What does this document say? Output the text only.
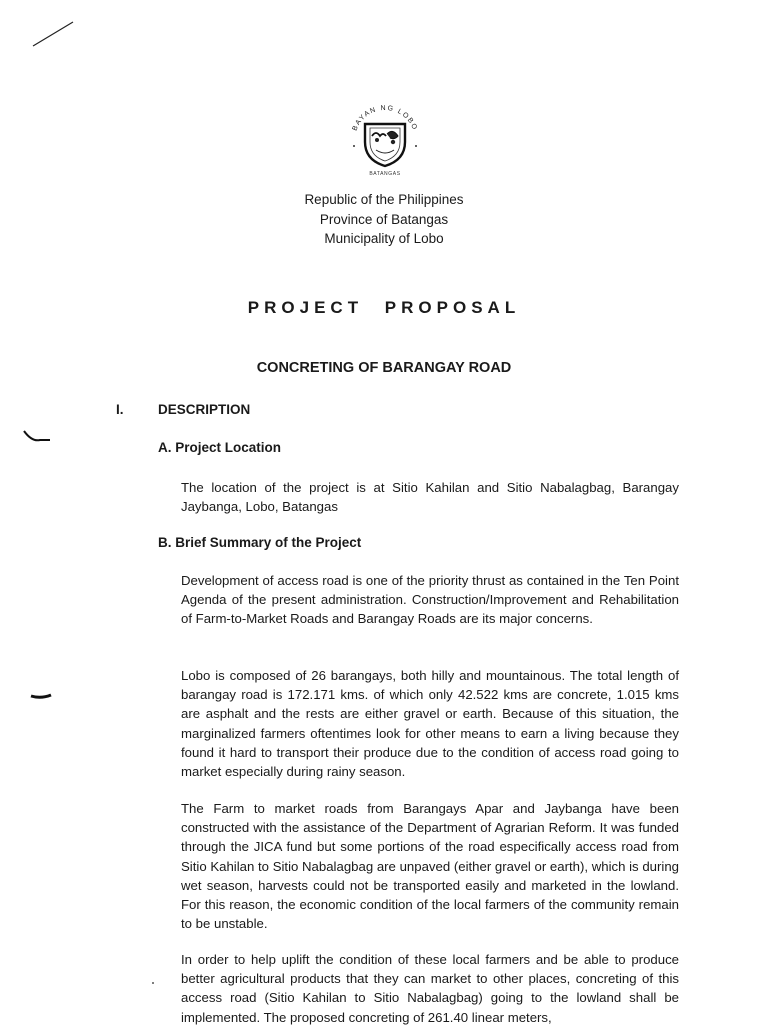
BAYAN NG LOBO
BATANGAS
Republic of the Philippines
Province of Batangas
Municipality of Lobo
PROJECT PROPOSAL
CONCRETING OF BARANGAY ROAD
I.	DESCRIPTION
A. Project Location

The location of the project is at Sitio Kahilan and Sitio Nabalagbag, Barangay Jaybanga, Lobo, Batangas

B. Brief Summary of the Project

Development of access road is one of the priority thrust as contained in the Ten Point Agenda of the present administration. Construction/Improvement and Rehabilitation of Farm-to-Market Roads and Barangay Roads are its major concerns.

Lobo is composed of 26 barangays, both hilly and mountainous. The total length of barangay road is 172.171 kms. of which only 42.522 kms are concrete, 1.015 kms are asphalt and the rests are either gravel or earth. Because of this situation, the marginalized farmers oftentimes look for other means to earn a living because they found it hard to transport their produce due to the condition of access road going to market especially during rainy season.

The Farm to market roads from Barangays Apar and Jaybanga have been constructed with the assistance of the Department of Agrarian Reform. It was funded through the JICA fund but some portions of the road especifically access road from Sitio Kahilan to Sitio Nabalagbag are unpaved (either gravel or earth), which is during wet season, harvests could not be transported easily and marketed in the lowland. For this reason, the economic condition of the local farmers of the community remain to be unstable.

In order to help uplift the condition of these local farmers and be able to produce better agricultural products that they can market to other places, concreting of this access road (Sitio Kahilan to Sitio Nabalagbag) going to the lowland shall be implemented. The proposed concreting of 261.40 linear meters,
